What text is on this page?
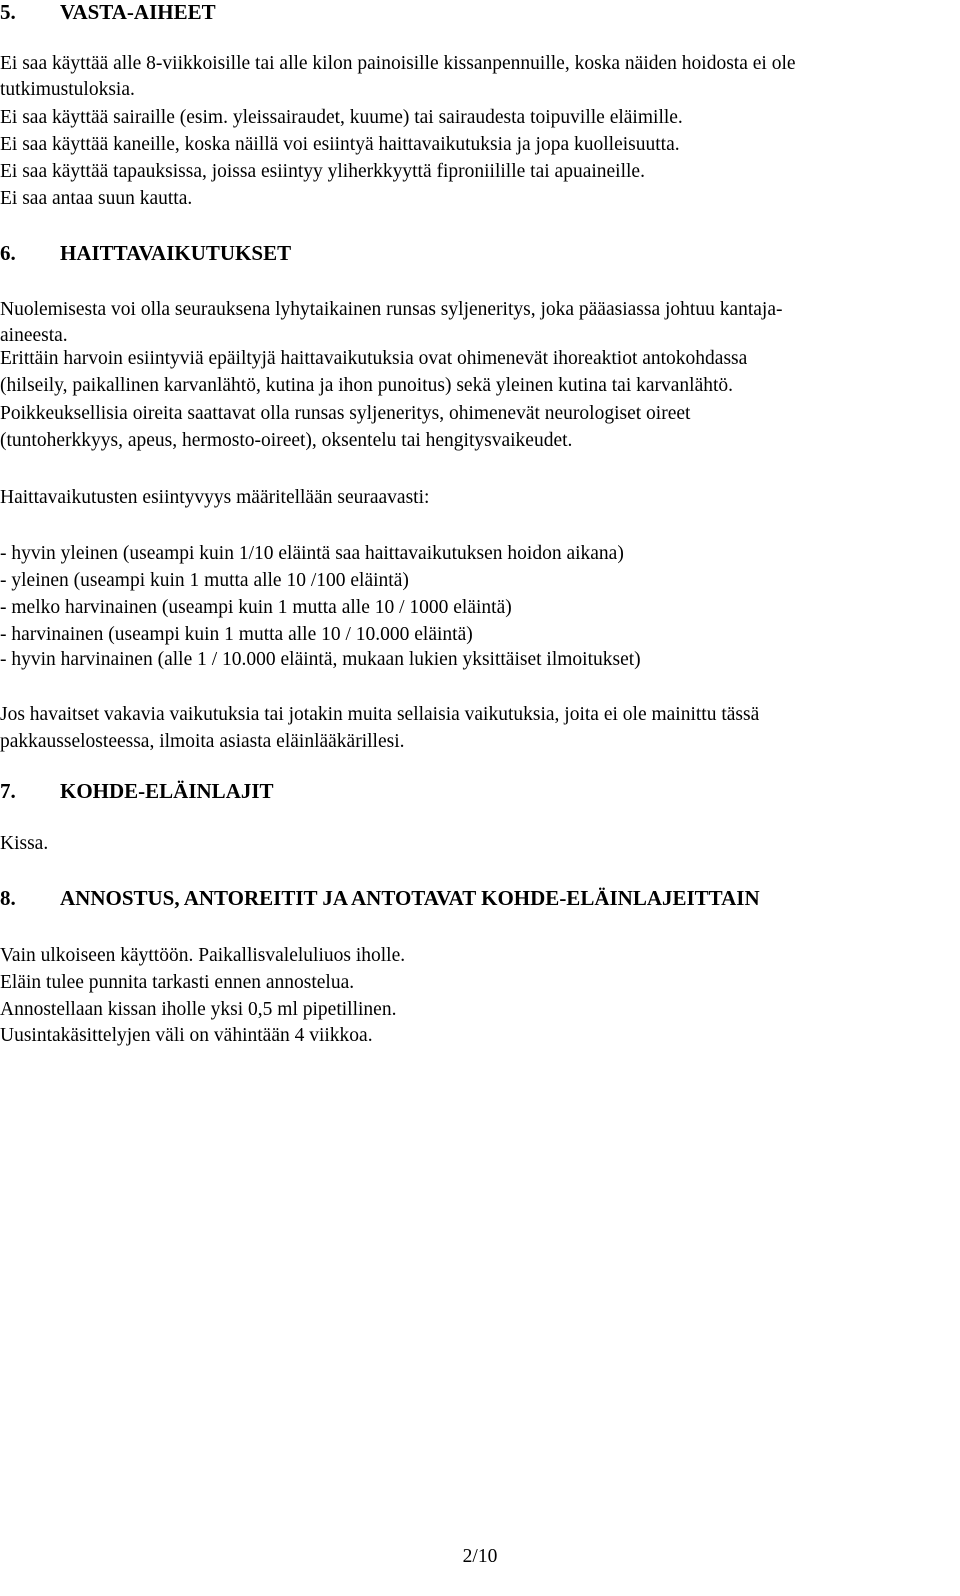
5. VASTA-AIHEET
Ei saa käyttää alle 8-viikkoisille tai alle kilon painoisille kissanpennuille, koska näiden hoidosta ei ole
tutkimustuloksia.
Ei saa käyttää sairaille (esim. yleissairaudet, kuume) tai sairaudesta toipuville eläimille.
Ei saa käyttää kaneille, koska näillä voi esiintyä haittavaikutuksia ja jopa kuolleisuutta.
Ei saa käyttää tapauksissa, joissa esiintyy yliherkkyyttä fiproniilille tai apuaineille.
Ei saa antaa suun kautta.
6. HAITTAVAIKUTUKSET
Nuolemisesta voi olla seurauksena lyhytaikainen runsas syljeneritys, joka pääasiassa johtuu kantaja-
aineesta.
Erittäin harvoin esiintyviä epäiltyjä haittavaikutuksia ovat ohimenevät ihoreaktiot antokohdassa
(hilseily, paikallinen karvanlähtö, kutina ja ihon punoitus) sekä yleinen kutina tai karvanlähtö.
Poikkeuksellisia oireita saattavat olla runsas syljeneritys, ohimenevät neurologiset oireet
(tuntoherkkyys, apeus, hermosto-oireet), oksentelu tai hengitysvaikeudet.
Haittavaikutusten esiintyvyys määritellään seuraavasti:
- hyvin yleinen (useampi kuin 1/10 eläintä saa haittavaikutuksen hoidon aikana)
- yleinen (useampi kuin 1 mutta alle 10 /100 eläintä)
- melko harvinainen (useampi kuin 1 mutta alle 10 / 1000 eläintä)
- harvinainen (useampi kuin 1 mutta alle 10 / 10.000 eläintä)
- hyvin harvinainen (alle 1 / 10.000 eläintä, mukaan lukien yksittäiset ilmoitukset)
Jos havaitset vakavia vaikutuksia tai jotakin muita sellaisia vaikutuksia, joita ei ole mainittu tässä
pakkausselosteessa, ilmoita asiasta eläinlääkärillesi.
7. KOHDE-ELÄINLAJIT
Kissa.
8. ANNOSTUS, ANTOREITIT JA ANTOTAVAT KOHDE-ELÄINLAJEITTAIN
Vain ulkoiseen käyttöön. Paikallisvaleluliuos iholle.
Eläin tulee punnita tarkasti ennen annostelua.
Annostellaan kissan iholle yksi 0,5 ml pipetillinen.
Uusintakäsittelyjen väli on vähintään 4 viikkoa.
2/10
